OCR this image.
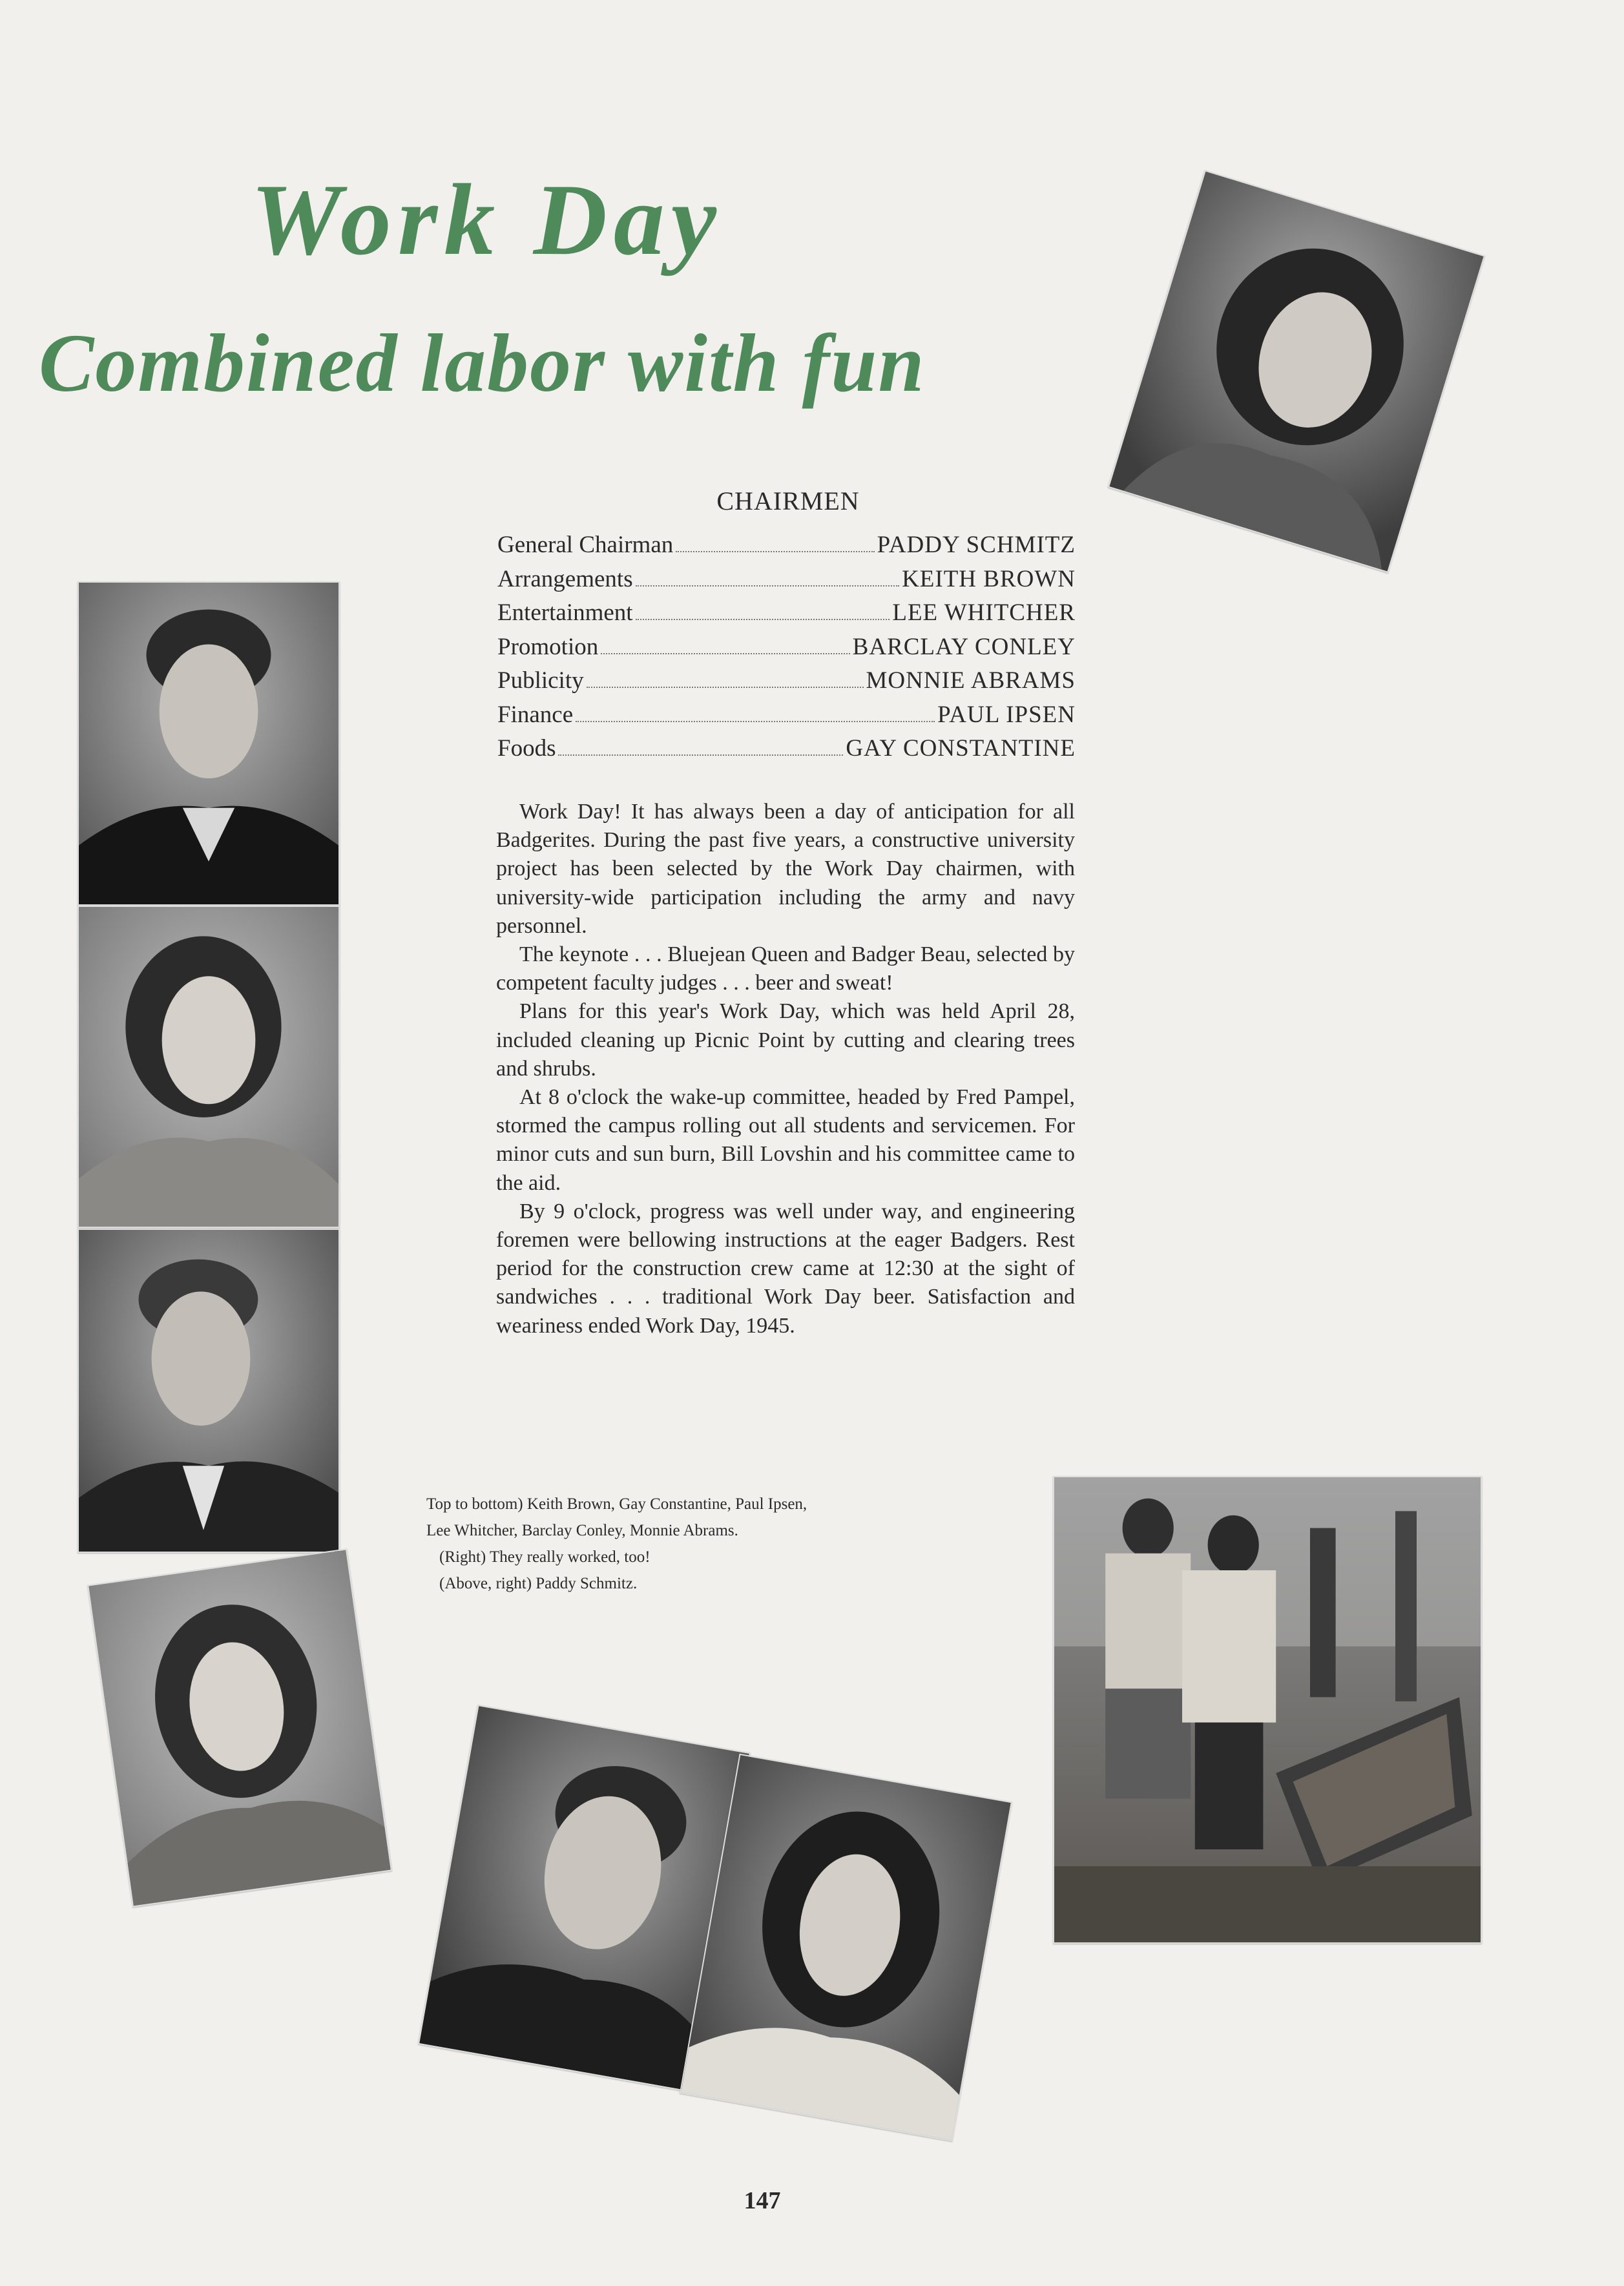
Work Day
Combined labor with fun
CHAIRMEN
General Chairman	PADDY SCHMITZ
Arrangements	KEITH BROWN
Entertainment	LEE WHITCHER
Promotion	BARCLAY CONLEY
Publicity	MONNIE ABRAMS
Finance	PAUL IPSEN
Foods	GAY CONSTANTINE

Work Day! It has always been a day of anticipation for all Badgerites. During the past five years, a constructive university project has been selected by the Work Day chairmen, with university-wide participation including the army and navy personnel.

The keynote . . . Bluejean Queen and Badger Beau, selected by competent faculty judges . . . beer and sweat!

Plans for this year's Work Day, which was held April 28, included cleaning up Picnic Point by cutting and clearing trees and shrubs.

At 8 o'clock the wake-up committee, headed by Fred Pampel, stormed the campus rolling out all students and servicemen. For minor cuts and sun burn, Bill Lovshin and his committee came to the aid.

By 9 o'clock, progress was well under way, and engineering foremen were bellowing instructions at the eager Badgers. Rest period for the construction crew came at 12:30 at the sight of sandwiches . . . traditional Work Day beer. Satisfaction and weariness ended Work Day, 1945.

Top to bottom) Keith Brown, Gay Constantine, Paul Ipsen, Lee Whitcher, Barclay Conley, Monnie Abrams.

(Right) They really worked, too!

(Above, right) Paddy Schmitz.

147
